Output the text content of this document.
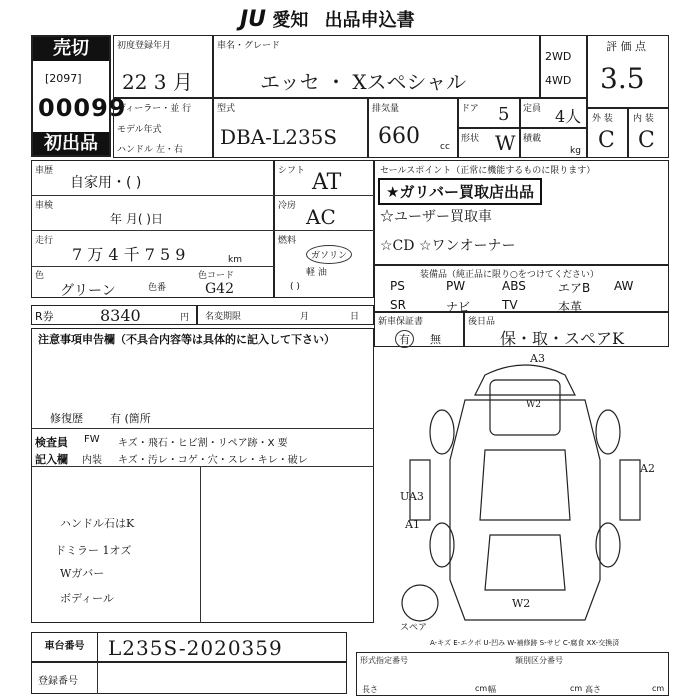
JU 愛知 出品申込書
売切
[2097]
00099
初出品
初度登録年月
22 3 月
車名・グレード
エッセ ・ Xスペシャル
2WD
4WD
評 価 点
3.5
ディーラー・並 行
モデル年式
ハンドル 左・右
型式
DBA-L235S
排気量
660 cc
ドア 5 定員 4人
形状 W 積載
kg
外 装
C
内 装
C
車歴
自家用・( )
車検
年 月( )日
走行
7 万 4 千 7 5 9	km
色
グリーン	色番
色コード
G42
シフト AT
冷房 AC
燃料
ガソリン
軽 油
( )
R券	8340	円 名変期限	月	日
セールスポイント（正常に機能するものに限ります）
★ガリバー買取店出品
☆ユーザー買取車
☆CD ☆ワンオーナー
装備品（純正品に限り○をつけてください）
PS	PW	ABS	エアB	AW
SR	ナビ	TV	本革
新車保証書
有	無
後日品
保・取・スペアK
注意事項申告欄（不具合内容等は具体的に記入して下さい）
修復歴 有 (箇所
検査員
記入欄
FW キズ・飛石・ヒビ割・リペア跡・X 要
内装 キズ・汚レ・コゲ・穴・スレ・キレ・破レ
ハンドル石はK
ドミラー 1オズ
Wガバー
ボディール
A3
W2
A2
UA3
A1
W2
スペア
A-キズ E-エクボ U-凹み W-補修跡 S-サビ C-腐食 XX-交換済
車台番号	L235S-2020359
登録番号
形式指定番号	類別区分番号
長さ	cm 幅	cm 高さ	cm
